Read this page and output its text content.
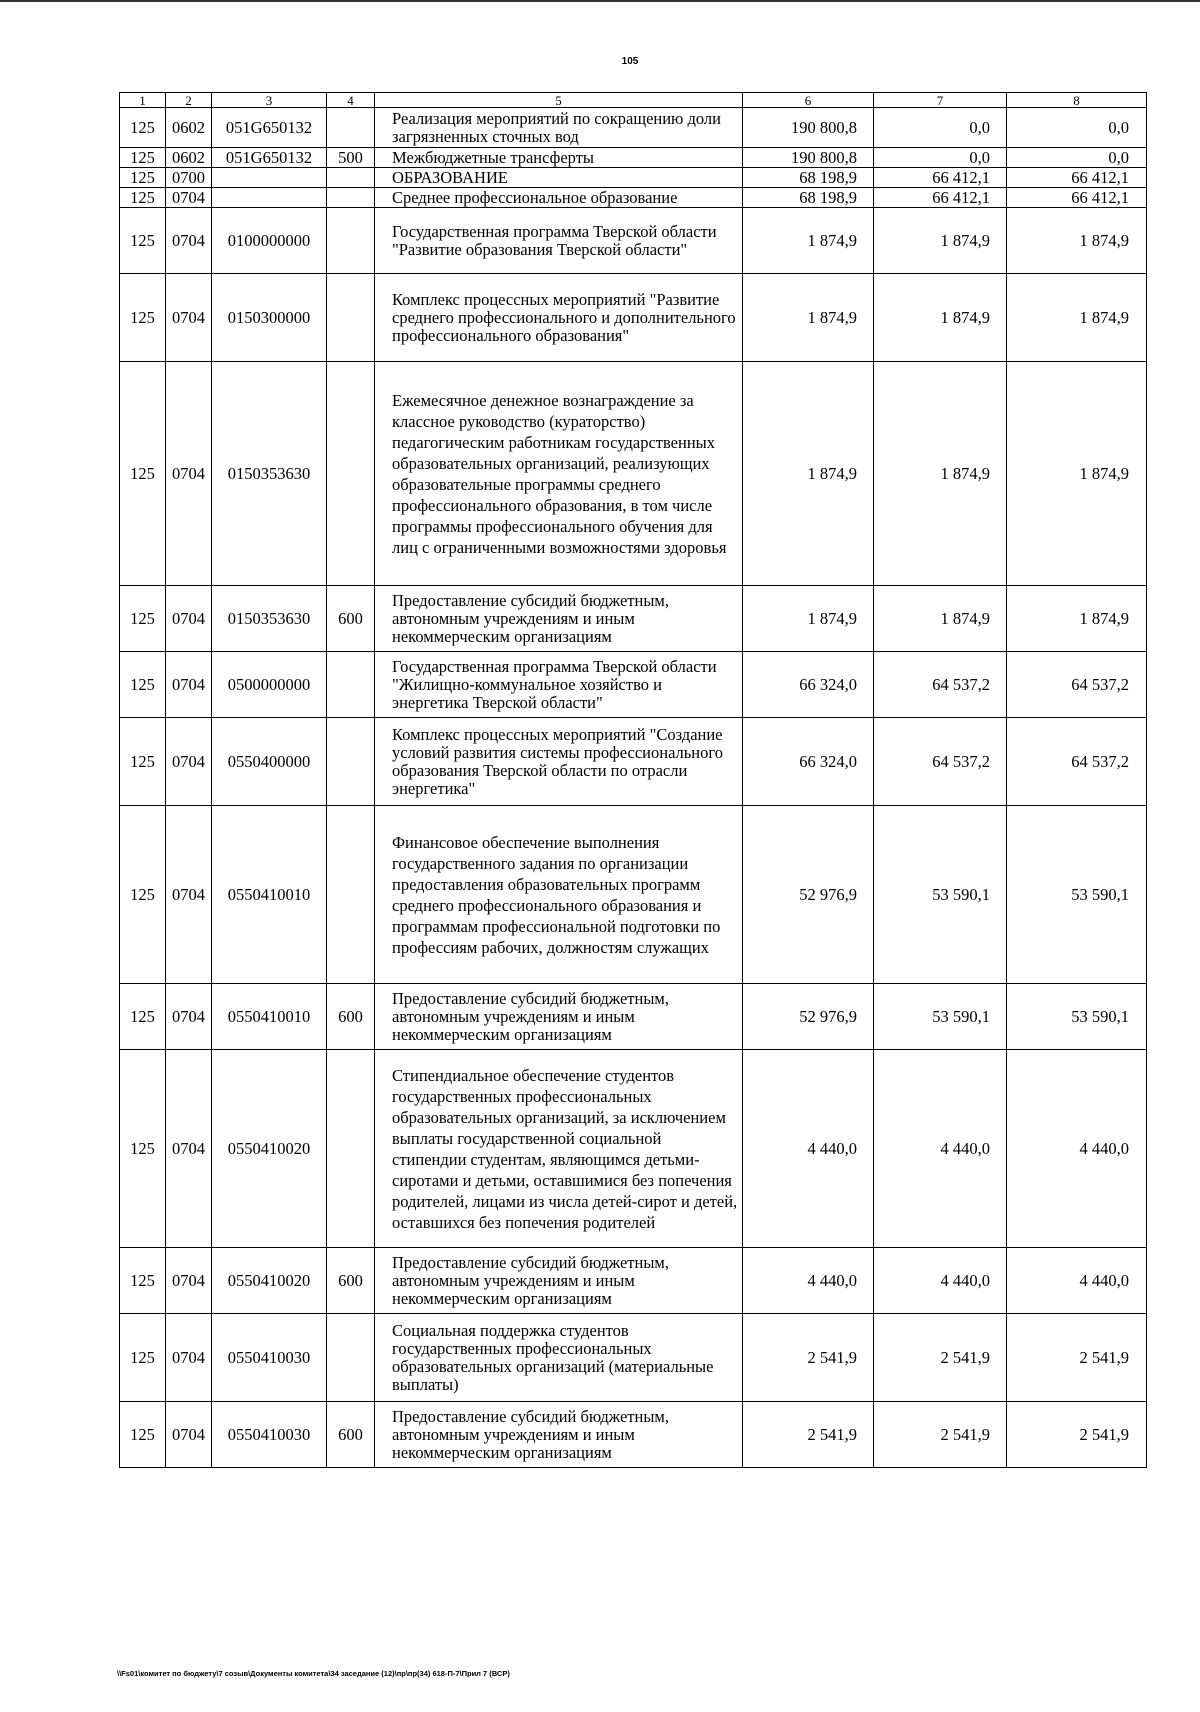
105
1	2	3	4	5	6	7	8
125	0602	051G650132		Реализация мероприятий по сокращению доли загрязненных сточных вод	190 800,8	0,0	0,0
125	0602	051G650132	500	Межбюджетные трансферты	190 800,8	0,0	0,0
125	0700			ОБРАЗОВАНИЕ	68 198,9	66 412,1	66 412,1
125	0704			Среднее профессиональное образование	68 198,9	66 412,1	66 412,1
125	0704	0100000000		Государственная программа Тверской области "Развитие образования Тверской области"	1 874,9	1 874,9	1 874,9
125	0704	0150300000		Комплекс процессных мероприятий "Развитие среднего профессионального и дополнительного профессионального образования"	1 874,9	1 874,9	1 874,9
125	0704	0150353630		Ежемесячное денежное вознаграждение за классное руководство (кураторство) педагогическим работникам государственных образовательных организаций, реализующих образовательные программы среднего профессионального образования, в том числе программы профессионального обучения для лиц с ограниченными возможностями здоровья	1 874,9	1 874,9	1 874,9
125	0704	0150353630	600	Предоставление субсидий бюджетным, автономным учреждениям и иным некоммерческим организациям	1 874,9	1 874,9	1 874,9
125	0704	0500000000		Государственная программа Тверской области "Жилищно-коммунальное хозяйство и энергетика Тверской области"	66 324,0	64 537,2	64 537,2
125	0704	0550400000		Комплекс процессных мероприятий "Создание условий развития системы профессионального образования Тверской области по отрасли энергетика"	66 324,0	64 537,2	64 537,2
125	0704	0550410010		Финансовое обеспечение выполнения государственного задания по организации предоставления образовательных программ среднего профессионального образования и программам профессиональной подготовки по профессиям рабочих, должностям служащих	52 976,9	53 590,1	53 590,1
125	0704	0550410010	600	Предоставление субсидий бюджетным, автономным учреждениям и иным некоммерческим организациям	52 976,9	53 590,1	53 590,1
125	0704	0550410020		Стипендиальное обеспечение студентов государственных профессиональных образовательных организаций, за исключением выплаты государственной социальной стипендии студентам, являющимся детьми-сиротами и детьми, оставшимися без попечения родителей, лицами из числа детей-сирот и детей, оставшихся без попечения родителей	4 440,0	4 440,0	4 440,0
125	0704	0550410020	600	Предоставление субсидий бюджетным, автономным учреждениям и иным некоммерческим организациям	4 440,0	4 440,0	4 440,0
125	0704	0550410030		Социальная поддержка студентов государственных профессиональных образовательных организаций (материальные выплаты)	2 541,9	2 541,9	2 541,9
125	0704	0550410030	600	Предоставление субсидий бюджетным, автономным учреждениям и иным некоммерческим организациям	2 541,9	2 541,9	2 541,9
\\Fs01\комитет по бюджету\7 созыв\Документы комитета\34 заседание (12)\пр\пр(34) 618-П-7\Прил 7 (ВСР)
